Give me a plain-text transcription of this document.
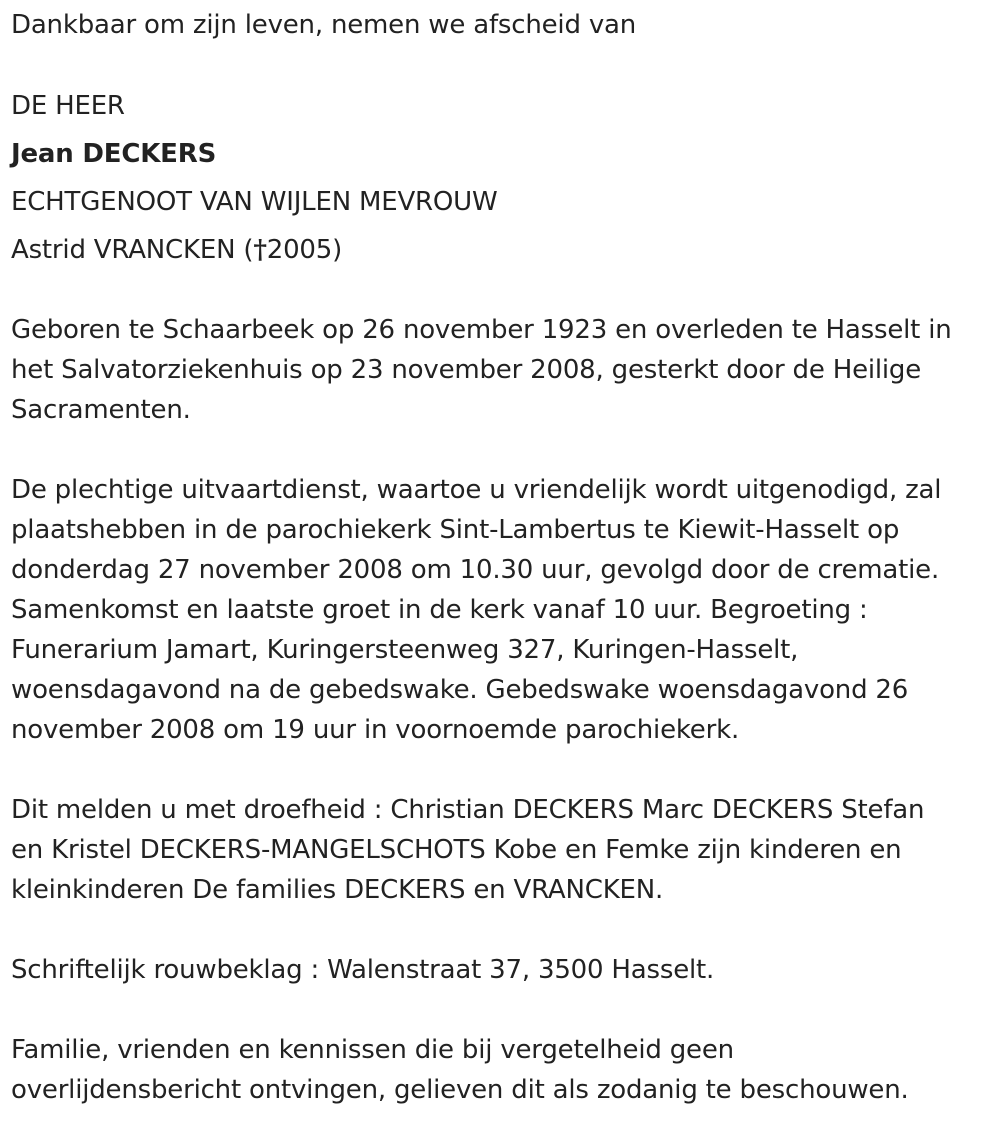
Dankbaar om zijn leven, nemen we afscheid van
DE HEER
Jean DECKERS
ECHTGENOOT VAN WIJLEN MEVROUW
Astrid VRANCKEN (†2005)
Geboren te Schaarbeek op 26 november 1923 en overleden te Hasselt in
het Salvatorziekenhuis op 23 november 2008, gesterkt door de Heilige
Sacramenten.
De plechtige uitvaartdienst, waartoe u vriendelijk wordt uitgenodigd, zal
plaatshebben in de parochiekerk Sint-Lambertus te Kiewit-Hasselt op
donderdag 27 november 2008 om 10.30 uur, gevolgd door de crematie.
Samenkomst en laatste groet in de kerk vanaf 10 uur. Begroeting :
Funerarium Jamart, Kuringersteenweg 327, Kuringen-Hasselt,
woensdagavond na de gebedswake. Gebedswake woensdagavond 26
november 2008 om 19 uur in voornoemde parochiekerk.
Dit melden u met droefheid : Christian DECKERS Marc DECKERS Stefan
en Kristel DECKERS-MANGELSCHOTS Kobe en Femke zijn kinderen en
kleinkinderen De families DECKERS en VRANCKEN.
Schriftelijk rouwbeklag : Walenstraat 37, 3500 Hasselt.
Familie, vrienden en kennissen die bij vergetelheid geen
overlijdensbericht ontvingen, gelieven dit als zodanig te beschouwen.
